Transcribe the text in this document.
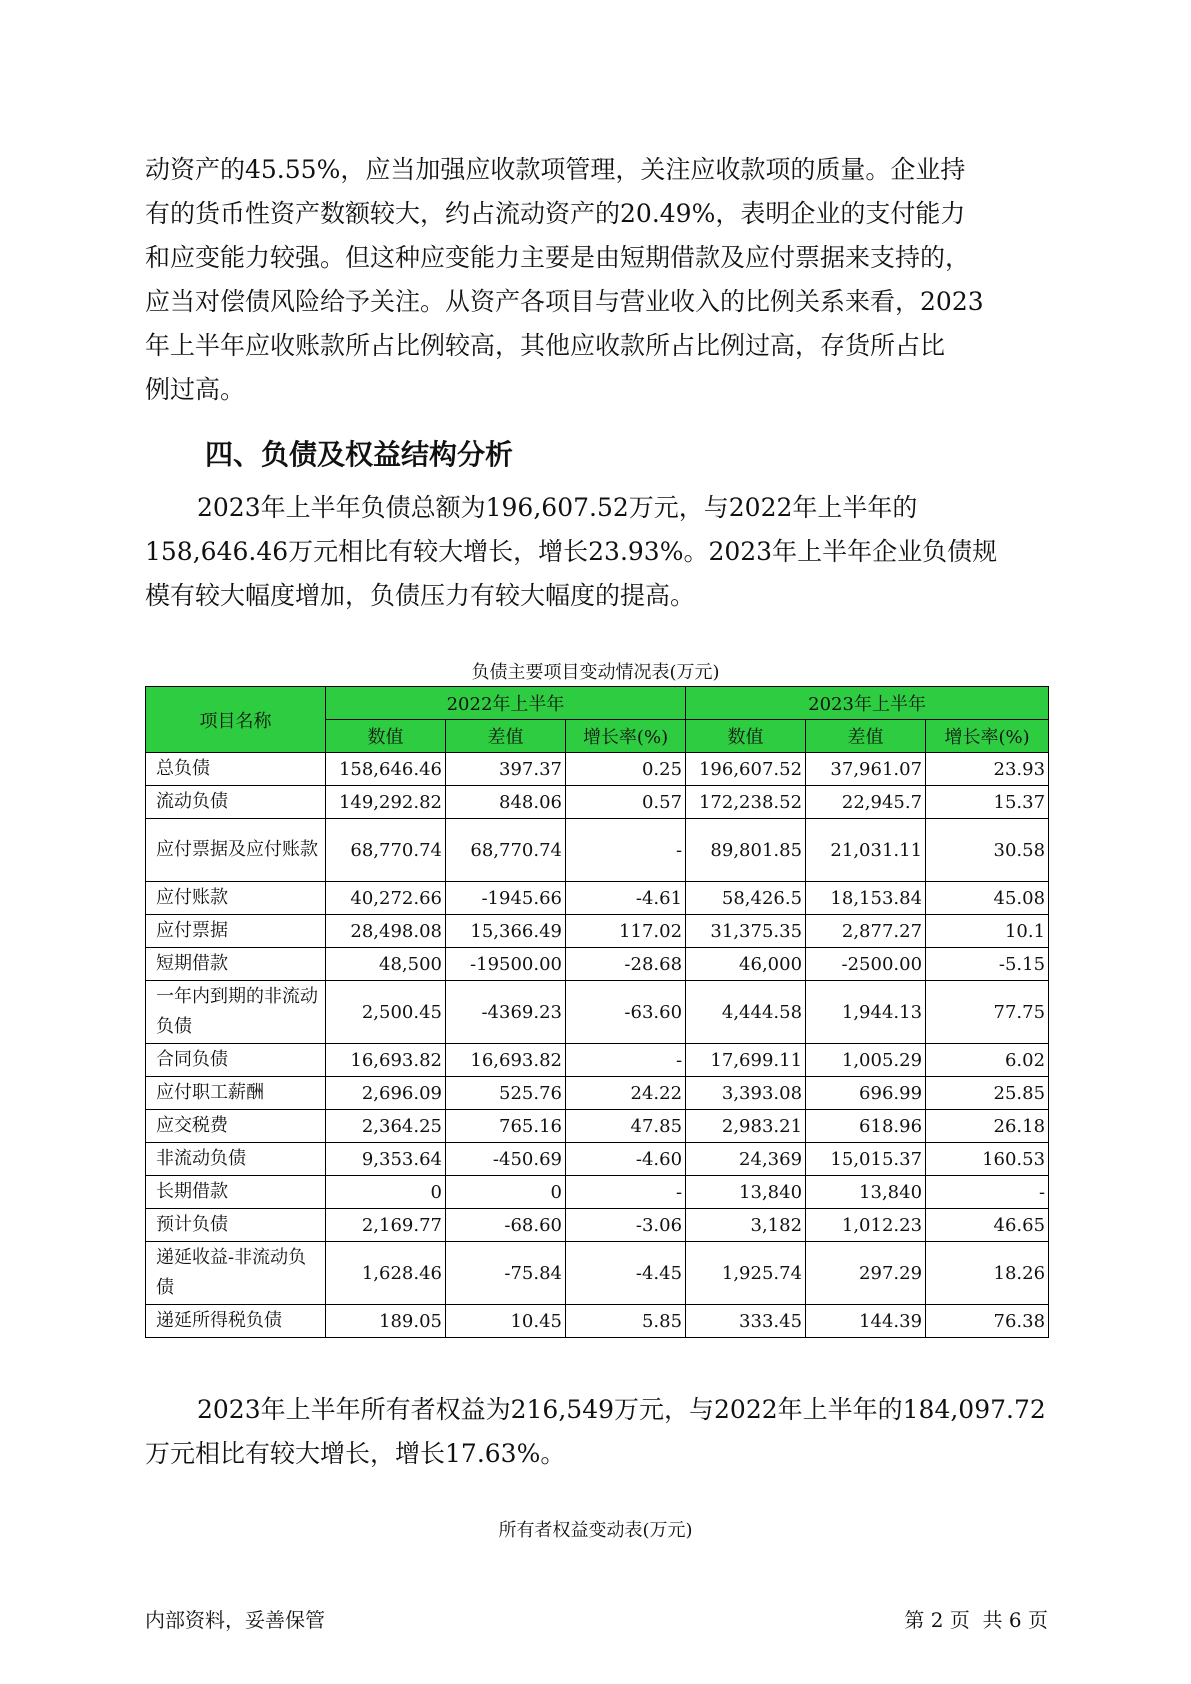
动资产的45.55%，应当加强应收款项管理，关注应收款项的质量。企业持
有的货币性资产数额较大，约占流动资产的20.49%，表明企业的支付能力
和应变能力较强。但这种应变能力主要是由短期借款及应付票据来支持的，
应当对偿债风险给予关注。从资产各项目与营业收入的比例关系来看，2023
年上半年应收账款所占比例较高，其他应收款所占比例过高，存货所占比
例过高。
四、负债及权益结构分析
2023年上半年负债总额为196,607.52万元，与2022年上半年的
158,646.46万元相比有较大增长，增长23.93%。2023年上半年企业负债规
模有较大幅度增加，负债压力有较大幅度的提高。

负债主要项目变动情况表(万元)

项目名称	2022年上半年			2023年上半年		
	数值	差值	增长率(%)	数值	差值	增长率(%)
总负债	158,646.46	397.37	0.25	196,607.52	37,961.07	23.93
流动负债	149,292.82	848.06	0.57	172,238.52	22,945.7	15.37
应付票据及应付账款	68,770.74	68,770.74	-	89,801.85	21,031.11	30.58
应付账款	40,272.66	-1945.66	-4.61	58,426.5	18,153.84	45.08
应付票据	28,498.08	15,366.49	117.02	31,375.35	2,877.27	10.1
短期借款	48,500	-19500.00	-28.68	46,000	-2500.00	-5.15
一年内到期的非流动负债	2,500.45	-4369.23	-63.60	4,444.58	1,944.13	77.75
合同负债	16,693.82	16,693.82	-	17,699.11	1,005.29	6.02
应付职工薪酬	2,696.09	525.76	24.22	3,393.08	696.99	25.85
应交税费	2,364.25	765.16	47.85	2,983.21	618.96	26.18
非流动负债	9,353.64	-450.69	-4.60	24,369	15,015.37	160.53
长期借款	0	0	-	13,840	13,840	-
预计负债	2,169.77	-68.60	-3.06	3,182	1,012.23	46.65
递延收益-非流动负债	1,628.46	-75.84	-4.45	1,925.74	297.29	18.26
递延所得税负债	189.05	10.45	5.85	333.45	144.39	76.38
2023年上半年所有者权益为216,549万元，与2022年上半年的184,097.72
万元相比有较大增长，增长17.63%。

所有者权益变动表(万元)

内部资料，妥善保管	第 2 页  共 6 页
